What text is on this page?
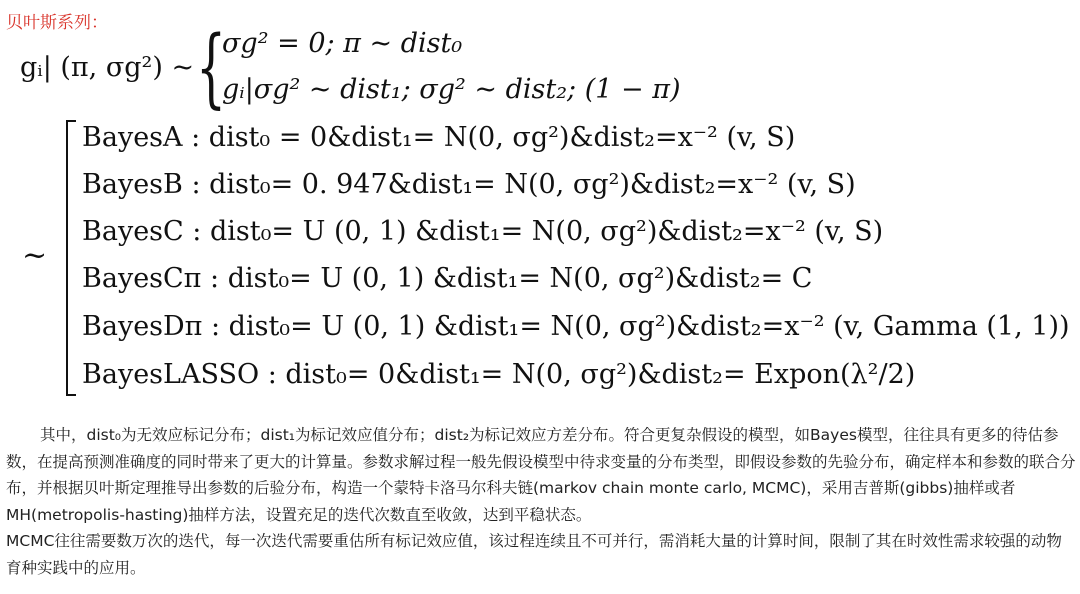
贝叶斯系列：
gᵢ| (π, σg²) ~ {
σg² = 0; π ~ dist₀
gᵢ|σg² ~ dist₁; σg² ~ dist₂; (1 − π)
~
BayesA : dist₀ = 0&dist₁= N(0, σg²)&dist₂=x⁻² (v, S)
BayesB : dist₀= 0. 947&dist₁= N(0, σg²)&dist₂=x⁻² (v, S)
BayesC : dist₀= U (0, 1) &dist₁= N(0, σg²)&dist₂=x⁻² (v, S)
BayesCπ : dist₀= U (0, 1) &dist₁= N(0, σg²)&dist₂= C
BayesDπ : dist₀= U (0, 1) &dist₁= N(0, σg²)&dist₂=x⁻² (v, Gamma (1, 1))
BayesLASSO : dist₀= 0&dist₁= N(0, σg²)&dist₂= Expon(λ²/2)
其中，dist₀为无效应标记分布；dist₁为标记效应值分布；dist₂为标记效应方差分布。符合更复杂假设的模型，如Bayes模型，往往具有更多的待估参数，在提高预测准确度的同时带来了更大的计算量。参数求解过程一般先假设模型中待求变量的分布类型，即假设参数的先验分布，确定样本和参数的联合分布，并根据贝叶斯定理推导出参数的后验分布，构造一个蒙特卡洛马尔科夫链(markov chain monte carlo, MCMC)，采用吉普斯(gibbs)抽样或者MH(metropolis-hasting)抽样方法，设置充足的迭代次数直至收敛，达到平稳状态。
MCMC往往需要数万次的迭代，每一次迭代需要重估所有标记效应值，该过程连续且不可并行，需消耗大量的计算时间，限制了其在时效性需求较强的动物育种实践中的应用。
